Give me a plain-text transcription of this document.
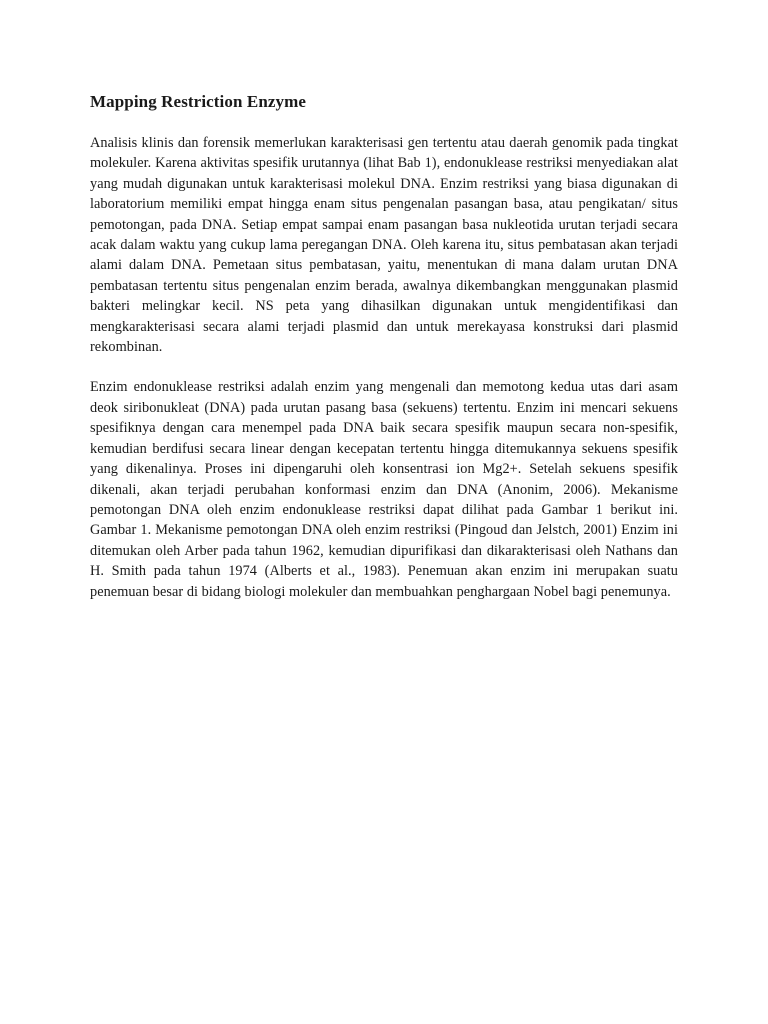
Mapping Restriction Enzyme

Analisis klinis dan forensik memerlukan karakterisasi gen tertentu atau daerah genomik pada tingkat molekuler. Karena aktivitas spesifik urutannya (lihat Bab 1), endonuklease restriksi menyediakan alat yang mudah digunakan untuk karakterisasi molekul DNA. Enzim restriksi yang biasa digunakan di laboratorium memiliki empat hingga enam situs pengenalan pasangan basa, atau pengikatan/ situs pemotongan, pada DNA. Setiap empat sampai enam pasangan basa nukleotida urutan terjadi secara acak dalam waktu yang cukup lama peregangan DNA. Oleh karena itu, situs pembatasan akan terjadi alami dalam DNA. Pemetaan situs pembatasan, yaitu, menentukan di mana dalam urutan DNA pembatasan tertentu situs pengenalan enzim berada, awalnya dikembangkan menggunakan plasmid bakteri melingkar kecil. NS peta yang dihasilkan digunakan untuk mengidentifikasi dan mengkarakterisasi secara alami terjadi plasmid dan untuk merekayasa konstruksi dari plasmid rekombinan.

Enzim endonuklease restriksi adalah enzim yang mengenali dan memotong kedua utas dari asam deok siribonukleat (DNA) pada urutan pasang basa (sekuens) tertentu. Enzim ini mencari sekuens spesifiknya dengan cara menempel pada DNA baik secara spesifik maupun secara non-spesifik, kemudian berdifusi secara linear dengan kecepatan tertentu hingga ditemukannya sekuens spesifik yang dikenalinya. Proses ini dipengaruhi oleh konsentrasi ion Mg2+. Setelah sekuens spesifik dikenali, akan terjadi perubahan konformasi enzim dan DNA (Anonim, 2006). Mekanisme pemotongan DNA oleh enzim endonuklease restriksi dapat dilihat pada Gambar 1 berikut ini. Gambar 1. Mekanisme pemotongan DNA oleh enzim restriksi (Pingoud dan Jelstch, 2001) Enzim ini ditemukan oleh Arber pada tahun 1962, kemudian dipurifikasi dan dikarakterisasi oleh Nathans dan H. Smith pada tahun 1974 (Alberts et al., 1983). Penemuan akan enzim ini merupakan suatu penemuan besar di bidang biologi molekuler dan membuahkan penghargaan Nobel bagi penemunya.
